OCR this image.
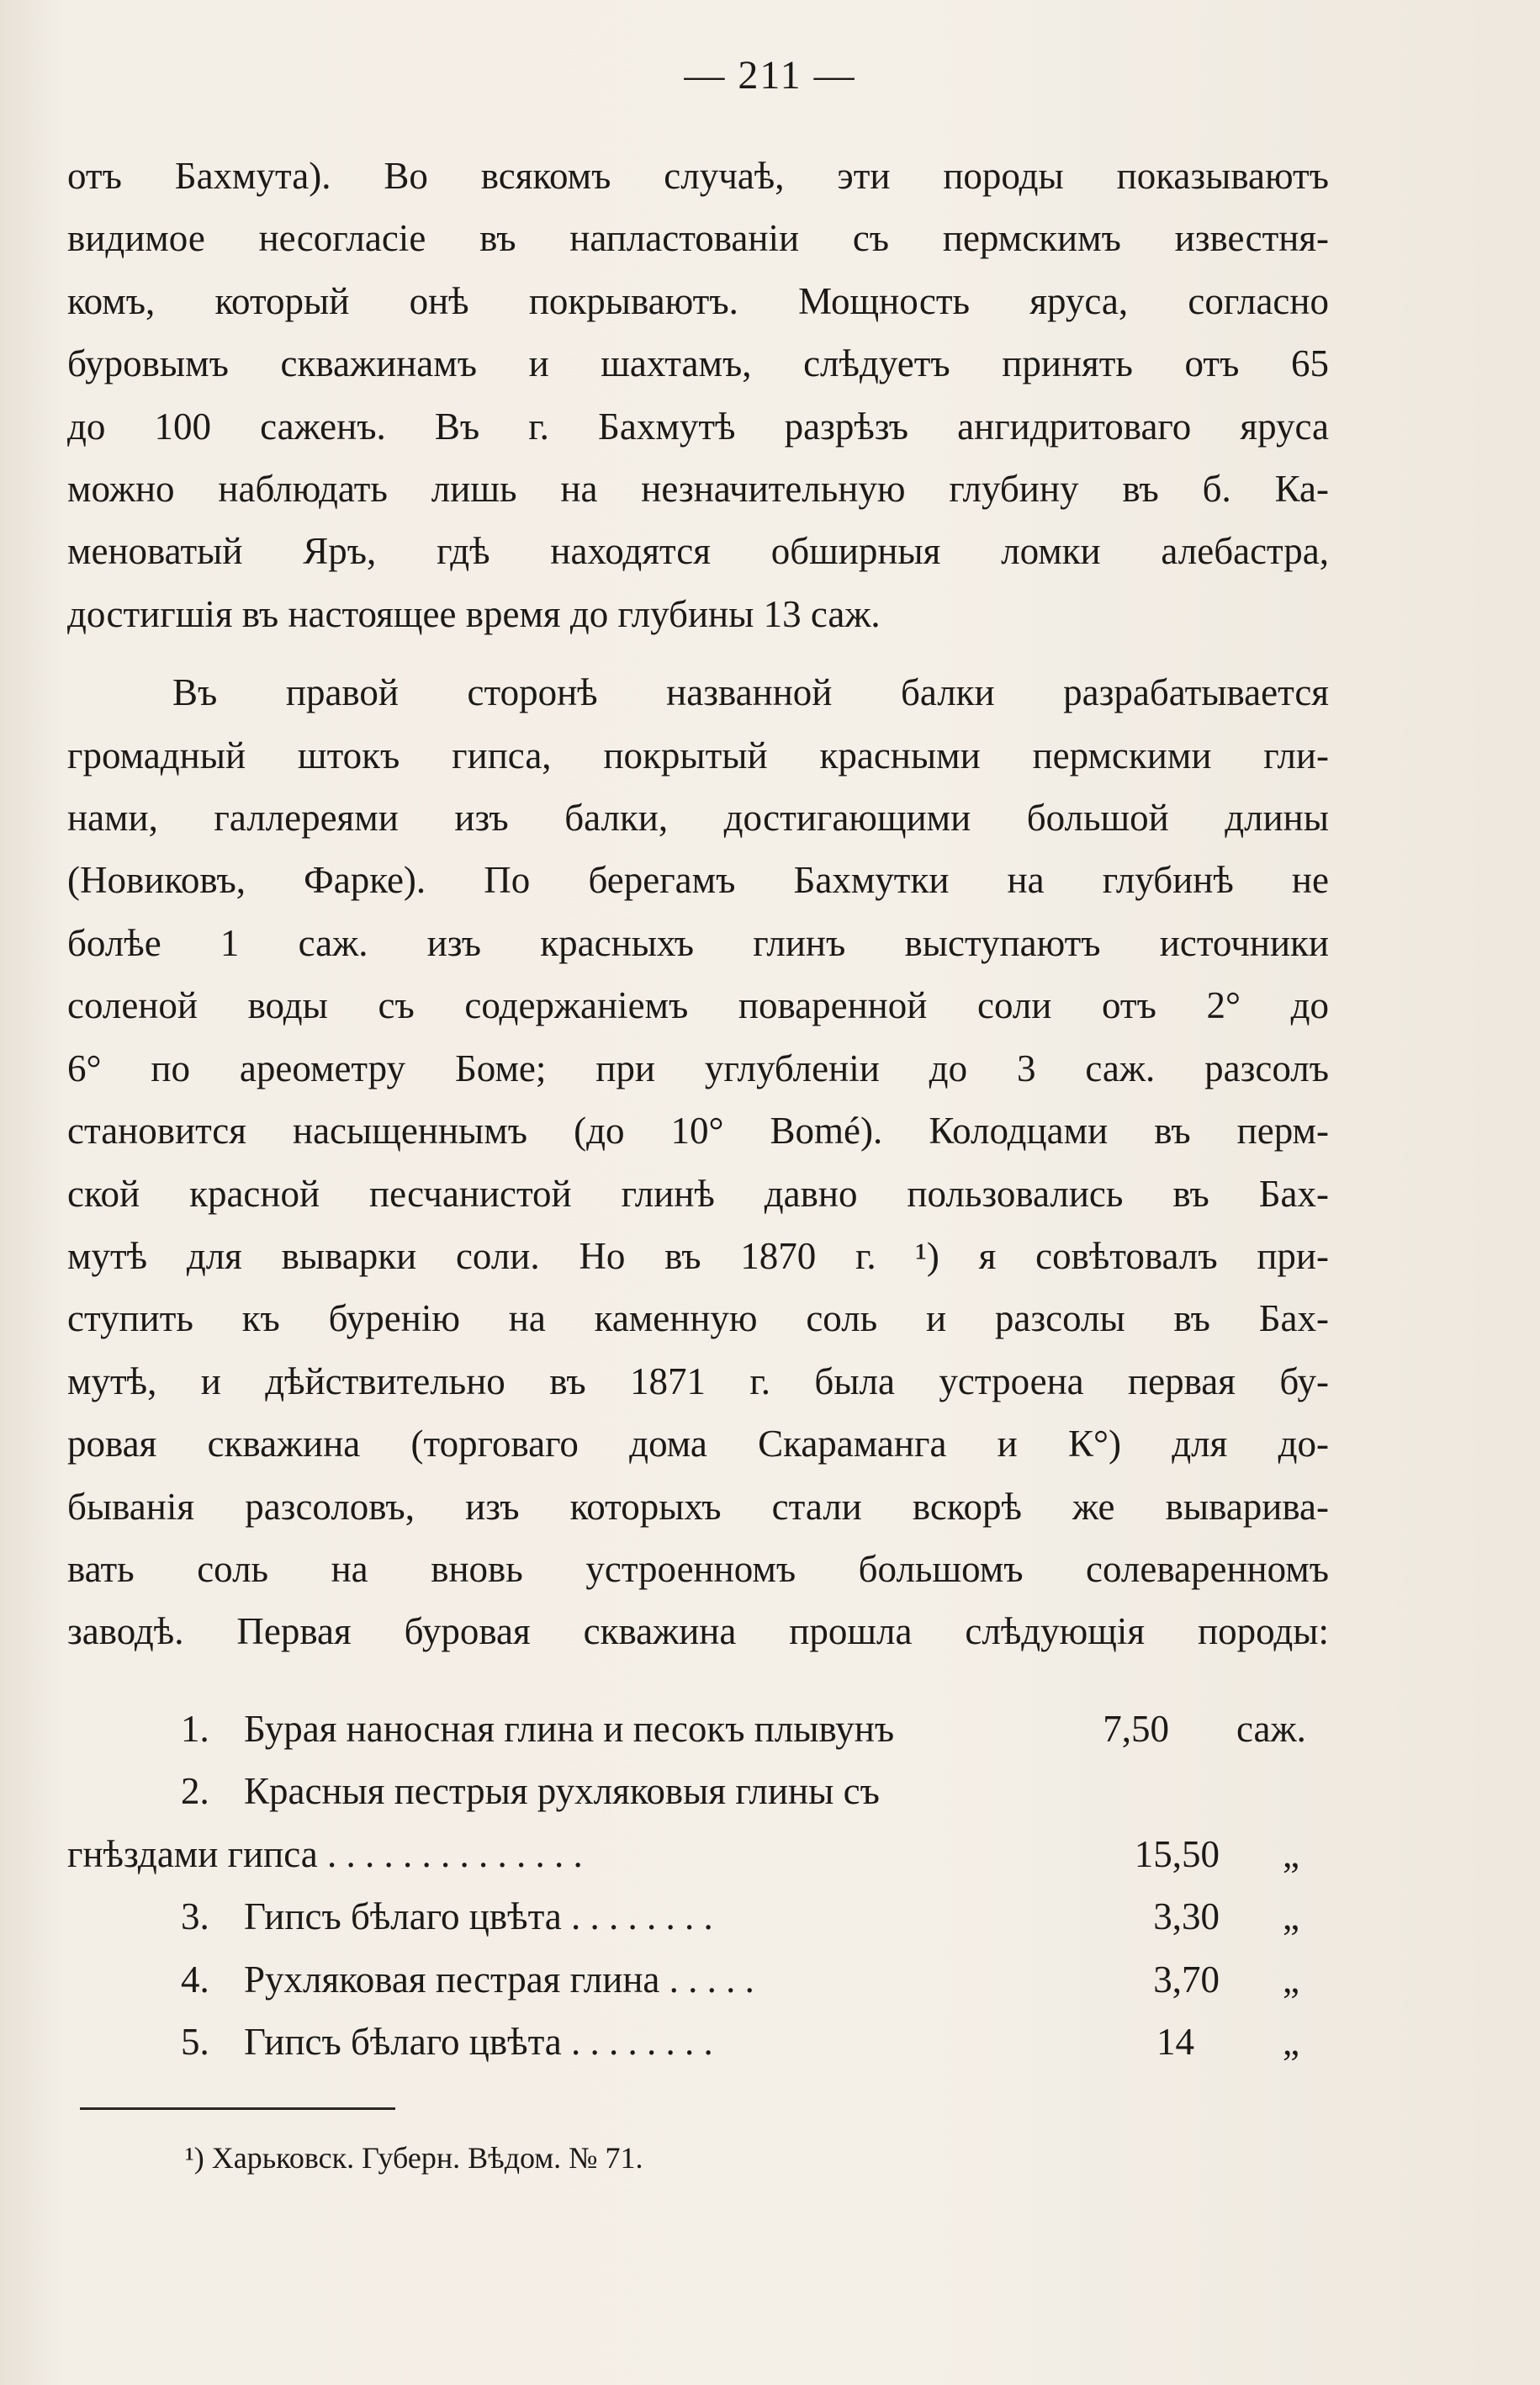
— 211 —
отъ Бахмута). Во всякомъ случаѣ, эти породы показываютъ
видимое несогласіе въ напластованіи съ пермскимъ известня-
комъ, который онѣ покрываютъ. Мощность яруса, согласно
буровымъ скважинамъ и шахтамъ, слѣдуетъ принять отъ 65
до 100 саженъ. Въ г. Бахмутѣ разрѣзъ ангидритоваго яруса
можно наблюдать лишь на незначительную глубину въ б. Ка-
меноватый Яръ, гдѣ находятся обширныя ломки алебастра,
достигшія въ настоящее время до глубины 13 саж.
Въ правой сторонѣ названной балки разрабатывается
громадный штокъ гипса, покрытый красными пермскими гли-
нами, галлереями изъ балки, достигающими большой длины
(Новиковъ, Фарке). По берегамъ Бахмутки на глубинѣ не
болѣе 1 саж. изъ красныхъ глинъ выступаютъ источники
соленой воды съ содержаніемъ поваренной соли отъ 2° до
6° по ареометру Боме; при углубленіи до 3 саж. разсолъ
становится насыщеннымъ (до 10° Bomé). Колодцами въ перм-
ской красной песчанистой глинѣ давно пользовались въ Бах-
мутѣ для выварки соли. Но въ 1870 г. ¹) я совѣтовалъ при-
ступить къ буренію на каменную соль и разсолы въ Бах-
мутѣ, и дѣйствительно въ 1871 г. была устроена первая бу-
ровая скважина (торговаго дома Скараманга и К°) для до-
быванія разсоловъ, изъ которыхъ стали вскорѣ же выварива-
вать соль на вновь устроенномъ большомъ солеваренномъ
заводѣ. Первая буровая скважина прошла слѣдующія породы:
1. Бурая наносная глина и песокъ плывунъ	7,50 саж.
2. Красныя пестрыя рухляковыя глины съ
гнѣздами гипса . . . . . . . . . . . . . .	15,50 „
3. Гипсъ бѣлаго цвѣта . . . . . . . .	3,30 „
4. Рухляковая пестрая глина . . . . .	3,70 „
5. Гипсъ бѣлаго цвѣта . . . . . . . .	14 „
¹) Харьковск. Губерн. Вѣдом. № 71.
